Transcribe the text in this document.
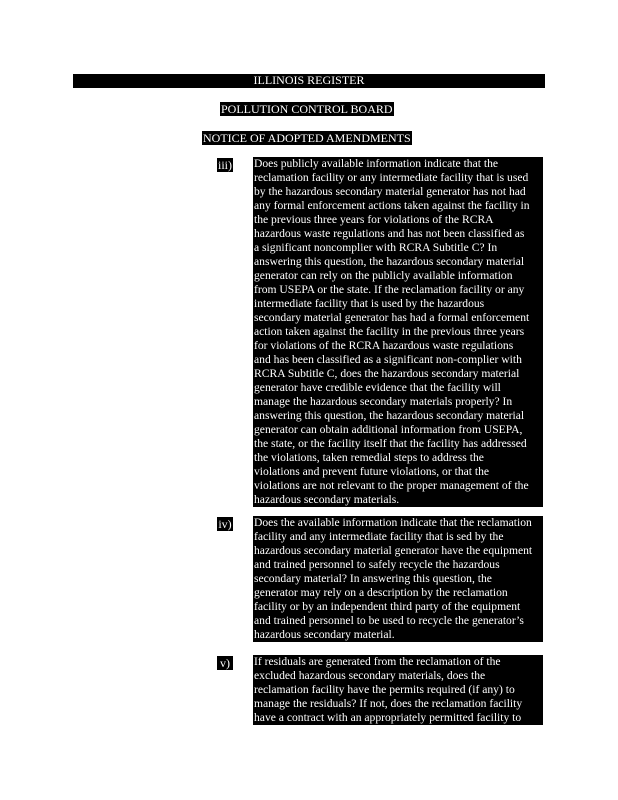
ILLINOIS REGISTER
POLLUTION CONTROL BOARD
NOTICE OF ADOPTED AMENDMENTS
iii) Does publicly available information indicate that the
reclamation facility or any intermediate facility that is used
by the hazardous secondary material generator has not had
any formal enforcement actions taken against the facility in
the previous three years for violations of the RCRA
hazardous waste regulations and has not been classified as
a significant noncomplier with RCRA Subtitle C? In
answering this question, the hazardous secondary material
generator can rely on the publicly available information
from USEPA or the state. If the reclamation facility or any
intermediate facility that is used by the hazardous
secondary material generator has had a formal enforcement
action taken against the facility in the previous three years
for violations of the RCRA hazardous waste regulations
and has been classified as a significant non-complier with
RCRA Subtitle C, does the hazardous secondary material
generator have credible evidence that the facility will
manage the hazardous secondary materials properly? In
answering this question, the hazardous secondary material
generator can obtain additional information from USEPA,
the state, or the facility itself that the facility has addressed
the violations, taken remedial steps to address the
violations and prevent future violations, or that the
violations are not relevant to the proper management of the
hazardous secondary materials.
iv) Does the available information indicate that the reclamation
facility and any intermediate facility that is sed by the
hazardous secondary material generator have the equipment
and trained personnel to safely recycle the hazardous
secondary material? In answering this question, the
generator may rely on a description by the reclamation
facility or by an independent third party of the equipment
and trained personnel to be used to recycle the generator’s
hazardous secondary material.
v) If residuals are generated from the reclamation of the
excluded hazardous secondary materials, does the
reclamation facility have the permits required (if any) to
manage the residuals? If not, does the reclamation facility
have a contract with an appropriately permitted facility to
